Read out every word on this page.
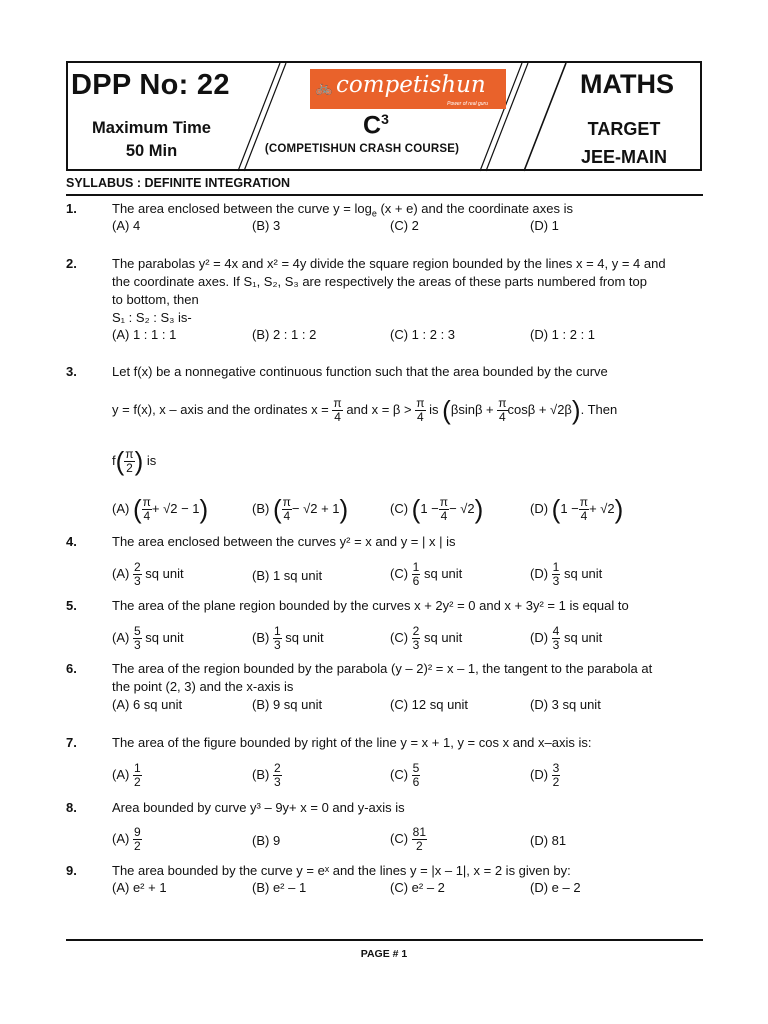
DPP No: 22
Maximum Time
50 Min
🚲 competishun
Power of real guru
$C^3$
(COMPETISHUN CRASH COURSE)
MATHS
TARGET
JEE-MAIN
SYLLABUS : DEFINITE INTEGRATION
1.	The area enclosed between the curve $y = \log_e (x + e)$ and the coordinate axes is
(A) 4	(B) 3	(C) 2	(D) 1
2.	The parabolas y² = 4x and x² = 4y divide the square region bounded by the lines x = 4, y = 4 and
the coordinate axes. If S₁, S₂, S₃ are respectively the areas of these parts numbered from top
to bottom, then
S₁ : S₂ : S₃ is-
(A) 1 : 1 : 1	(B) 2 : 1 : 2	(C) 1 : 2 : 3	(D) 1 : 2 : 1
3.	Let f(x) be a nonnegative continuous function such that the area bounded by the curve
y = f(x), x – axis and the ordinates $x = \frac{\pi}{4}$ and $x = \beta > \frac{\pi}{4}$ is ($\beta\sin\beta + \frac{\pi}{4}$ cosβ + √2β). Then
$f( \frac{\pi}{2}$ ) is
(A) ( $\frac{\pi}{4} + √2 - 1$)	(B) ( $\frac{\pi}{4} - √2 + 1$)	(C) $(1 - \frac{\pi}{4} - √2)$	(D) $(1 - \frac{\pi}{4} + √2)$
4.	The area enclosed between the curves y² = x and y = | x | is
$(A) \frac{2}{3}$ sq unit	(B) 1 sq unit	$(C) \frac{1}{6}$ sq unit	$(D) \frac{1}{3}$ sq unit
5.	The area of the plane region bounded by the curves x + 2y² = 0 and x + 3y² = 1 is equal to
$(A) \frac{5}{3}$ sq unit	$(B) \frac{1}{3}$ sq unit	$(C) \frac{2}{3}$ sq unit	$(D) \frac{4}{3}$ sq unit
6.	The area of the region bounded by the parabola (y – 2)² = x – 1, the tangent to the parabola at
the point (2, 3) and the x-axis is
(A) 6 sq unit	(B) 9 sq unit	(C) 12 sq unit	(D) 3 sq unit
7.	The area of the figure bounded by right of the line y = x + 1, y = cos x and x–axis is:
$(A) \frac{1}{2}$	$(B) \frac{2}{3}$	$(C) \frac{5}{6}$	$(D) \frac{3}{2}$
8.	Area bounded by curve y³ – 9y+ x = 0 and y-axis is
$(A) \frac{9}{2}$	(B) 9	$(C) \frac{81}{2}$	(D) 81
9.	The area bounded by the curve y = eˣ and the lines y = |x – 1|, x = 2 is given by:
(A) e² + 1	(B) e² – 1	(C) e² – 2	(D) e – 2
PAGE # 1
